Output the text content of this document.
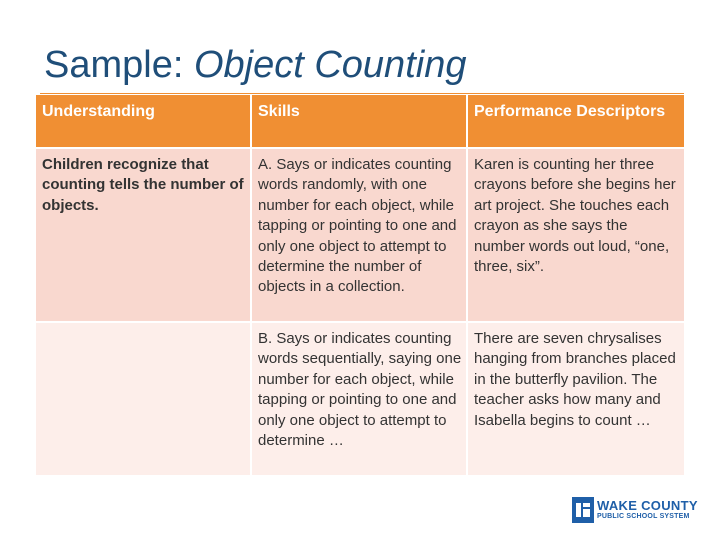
Sample: Object Counting
Understanding	Skills	Performance Descriptors
Children recognize that counting tells the number of objects.	A. Says or indicates counting words randomly, with one number for each object, while tapping or pointing to one and only one object to attempt to determine the number of objects in a collection.	Karen is counting her three crayons before she begins her art project. She touches each crayon as she says the number words out loud, “one, three, six”.
	B. Says or indicates counting words sequentially, saying one number for each object, while tapping or pointing to one and only one object to attempt to determine …	There are seven chrysalises hanging from branches placed in the butterfly pavilion. The teacher asks how many and Isabella begins to count …
WAKE COUNTY
PUBLIC SCHOOL SYSTEM
